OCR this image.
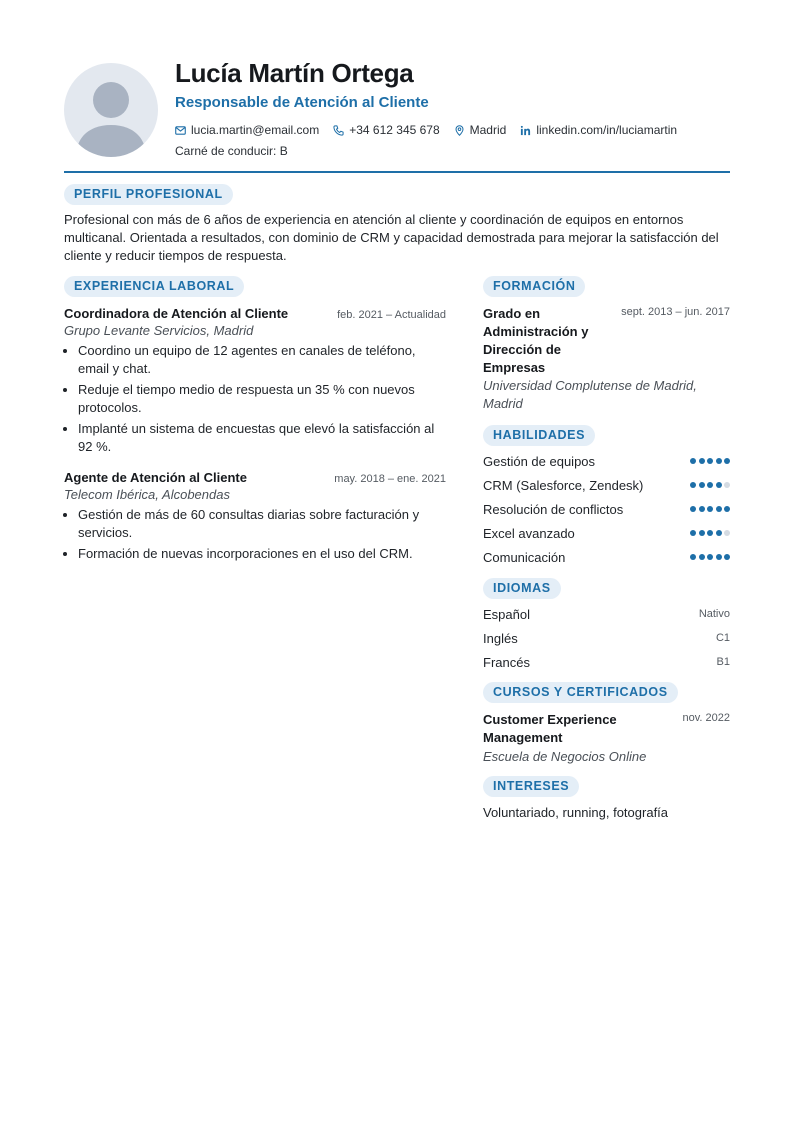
Lucía Martín Ortega
Responsable de Atención al Cliente
lucia.martin@email.com	+34 612 345 678	Madrid	linkedin.com/in/luciamartin
Carné de conducir: B
PERFIL PROFESIONAL
Profesional con más de 6 años de experiencia en atención al cliente y coordinación de equipos en entornos multicanal. Orientada a resultados, con dominio de CRM y capacidad demostrada para mejorar la satisfacción del cliente y reducir tiempos de respuesta.
EXPERIENCIA LABORAL
Coordinadora de Atención al Cliente	feb. 2021 – Actualidad
Grupo Levante Servicios, Madrid
• Coordino un equipo de 12 agentes en canales de teléfono, email y chat.
• Reduje el tiempo medio de respuesta un 35 % con nuevos protocolos.
• Implanté un sistema de encuestas que elevó la satisfacción al 92 %.
Agente de Atención al Cliente	may. 2018 – ene. 2021
Telecom Ibérica, Alcobendas
• Gestión de más de 60 consultas diarias sobre facturación y servicios.
• Formación de nuevas incorporaciones en el uso del CRM.
FORMACIÓN
Grado en Administración y Dirección de Empresas
sept. 2013 – jun. 2017
Universidad Complutense de Madrid, Madrid
HABILIDADES
Gestión de equipos
CRM (Salesforce, Zendesk)
Resolución de conflictos
Excel avanzado
Comunicación
IDIOMAS
Español	Nativo
Inglés	C1
Francés	B1
CURSOS Y CERTIFICADOS
Customer Experience Management
nov. 2022
Escuela de Negocios Online
INTERESES
Voluntariado, running, fotografía
